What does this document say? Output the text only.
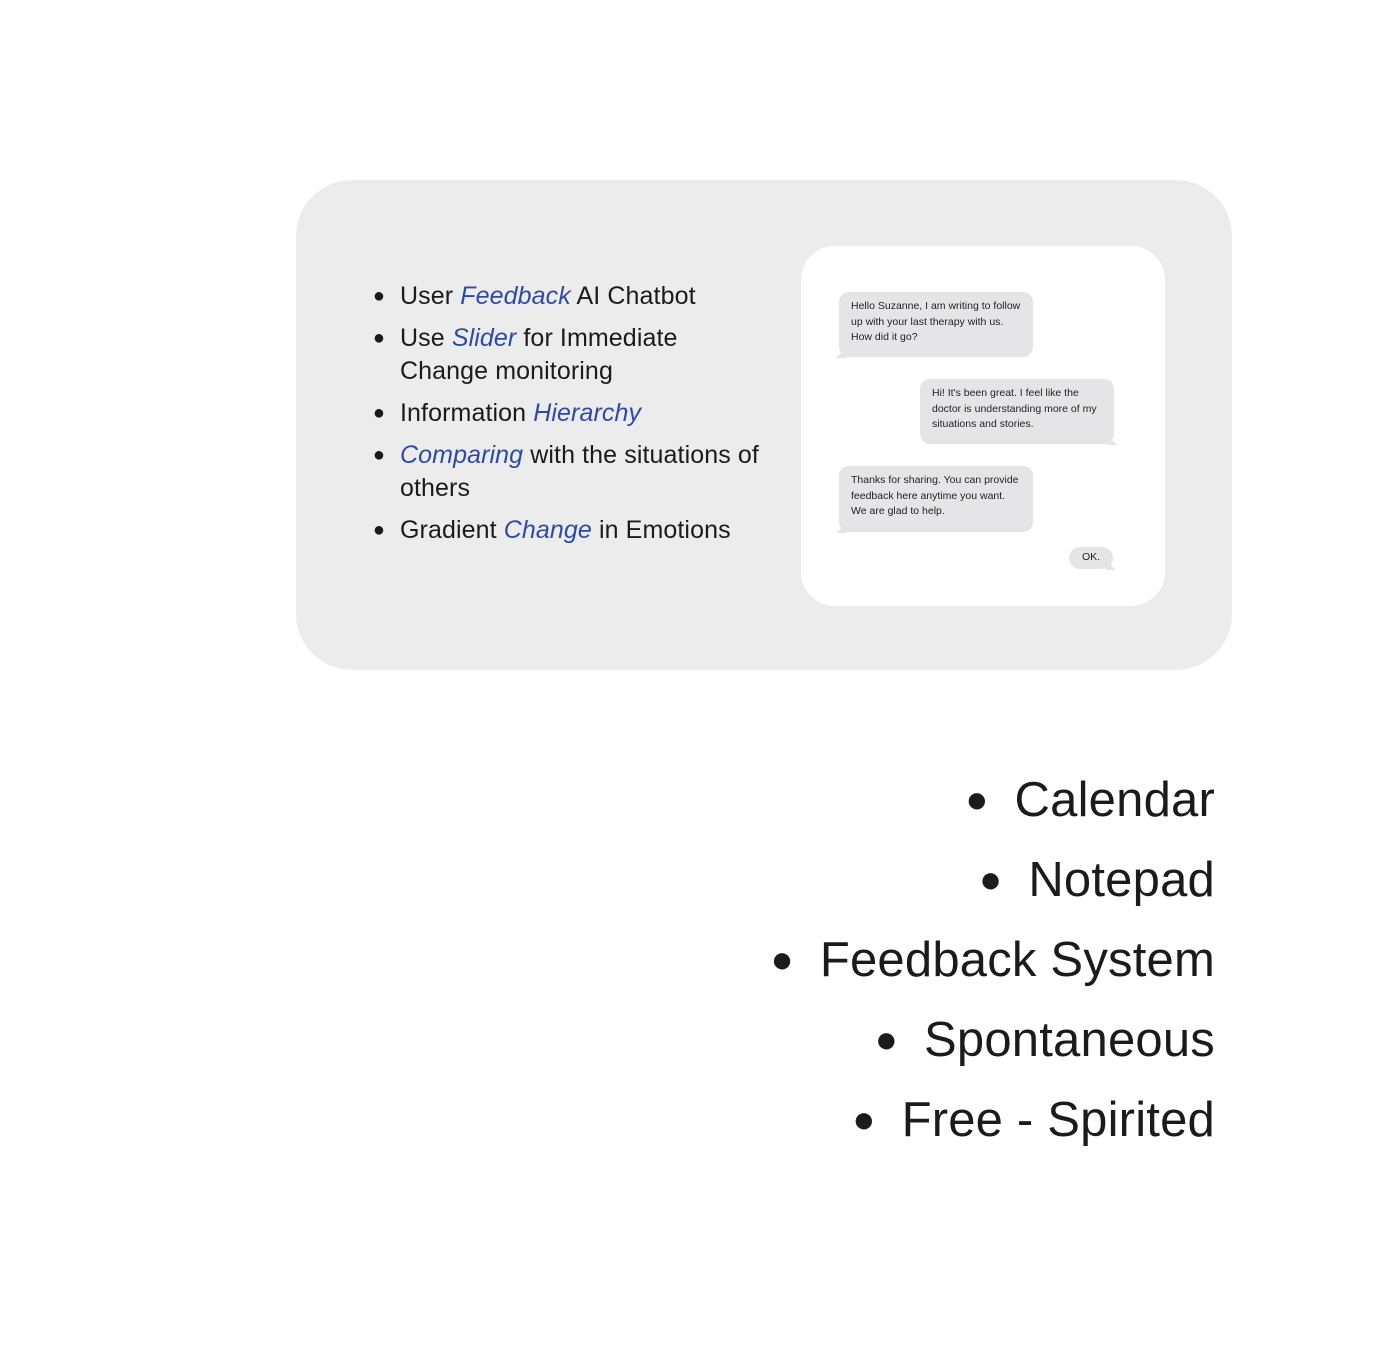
● User Feedback AI Chatbot
● Use Slider for Immediate Change monitoring
● Information Hierarchy
● Comparing with the situations of others
● Gradient Change in Emotions
Hello Suzanne, I am writing to follow up with your last therapy with us. How did it go?
Hi! It's been great. I feel like the doctor is understanding more of my situations and stories.
Thanks for sharing. You can provide feedback here anytime you want. We are glad to help.
OK.
● Calendar
● Notepad
● Feedback System
● Spontaneous
● Free - Spirited
